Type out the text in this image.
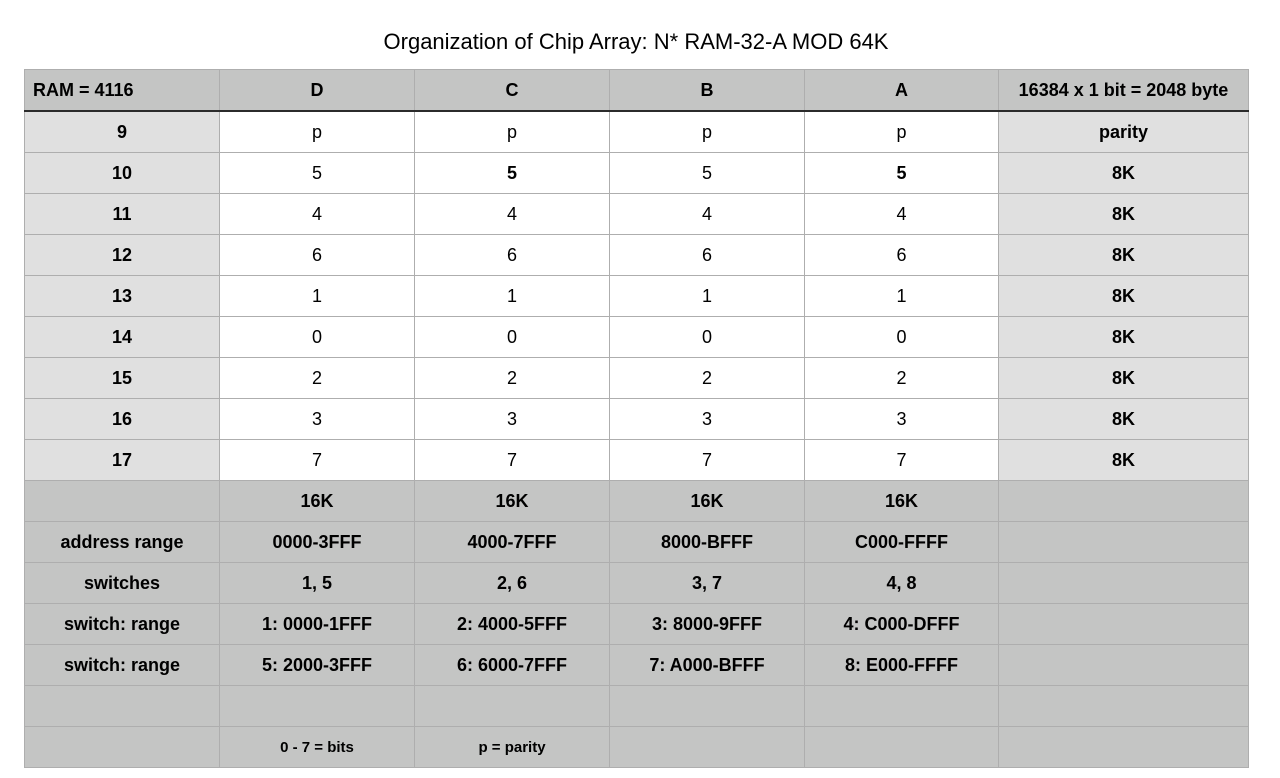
Organization of Chip Array: N* RAM-32-A MOD 64K
RAM = 4116	D	C	B	A	16384 x 1 bit = 2048 byte
9	p	p	p	p	parity
10	5	5	5	5	8K
11	4	4	4	4	8K
12	6	6	6	6	8K
13	1	1	1	1	8K
14	0	0	0	0	8K
15	2	2	2	2	8K
16	3	3	3	3	8K
17	7	7	7	7	8K
	16K	16K	16K	16K	
address range	0000-3FFF	4000-7FFF	8000-BFFF	C000-FFFF	
switches	1, 5	2, 6	3, 7	4, 8	
switch: range	1: 0000-1FFF	2: 4000-5FFF	3: 8000-9FFF	4: C000-DFFF	
switch: range	5: 2000-3FFF	6: 6000-7FFF	7: A000-BFFF	8: E000-FFFF	

	0 - 7 = bits	p = parity			
